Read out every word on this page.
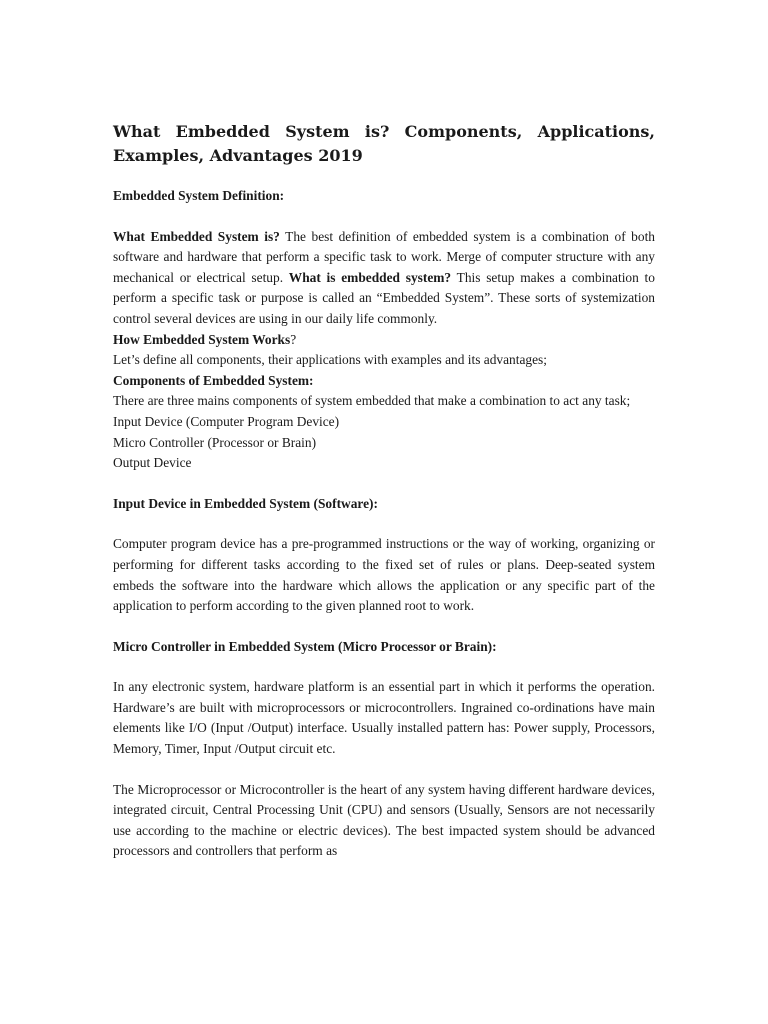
What Embedded System is? Components, Applications, Examples, Advantages 2019

Embedded System Definition:

What Embedded System is? The best definition of embedded system is a combination of both software and hardware that perform a specific task to work. Merge of computer structure with any mechanical or electrical setup. What is embedded system? This setup makes a combination to perform a specific task or purpose is called an “Embedded System”. These sorts of systemization control several devices are using in our daily life commonly.

How Embedded System Works?

Let’s define all components, their applications with examples and its advantages;

Components of Embedded System:

There are three mains components of system embedded that make a combination to act any task;

Input Device (Computer Program Device)

Micro Controller (Processor or Brain)

Output Device

Input Device in Embedded System (Software):

Computer program device has a pre-programmed instructions or the way of working, organizing or performing for different tasks according to the fixed set of rules or plans. Deep-seated system embeds the software into the hardware which allows the application or any specific part of the application to perform according to the given planned root to work.

Micro Controller in Embedded System (Micro Processor or Brain):

In any electronic system, hardware platform is an essential part in which it performs the operation. Hardware’s are built with microprocessors or microcontrollers. Ingrained co-ordinations have main elements like I/O (Input /Output) interface. Usually installed pattern has: Power supply, Processors, Memory, Timer, Input /Output circuit etc.

The Microprocessor or Microcontroller is the heart of any system having different hardware devices, integrated circuit, Central Processing Unit (CPU) and sensors (Usually, Sensors are not necessarily use according to the machine or electric devices). The best impacted system should be advanced processors and controllers that perform as
